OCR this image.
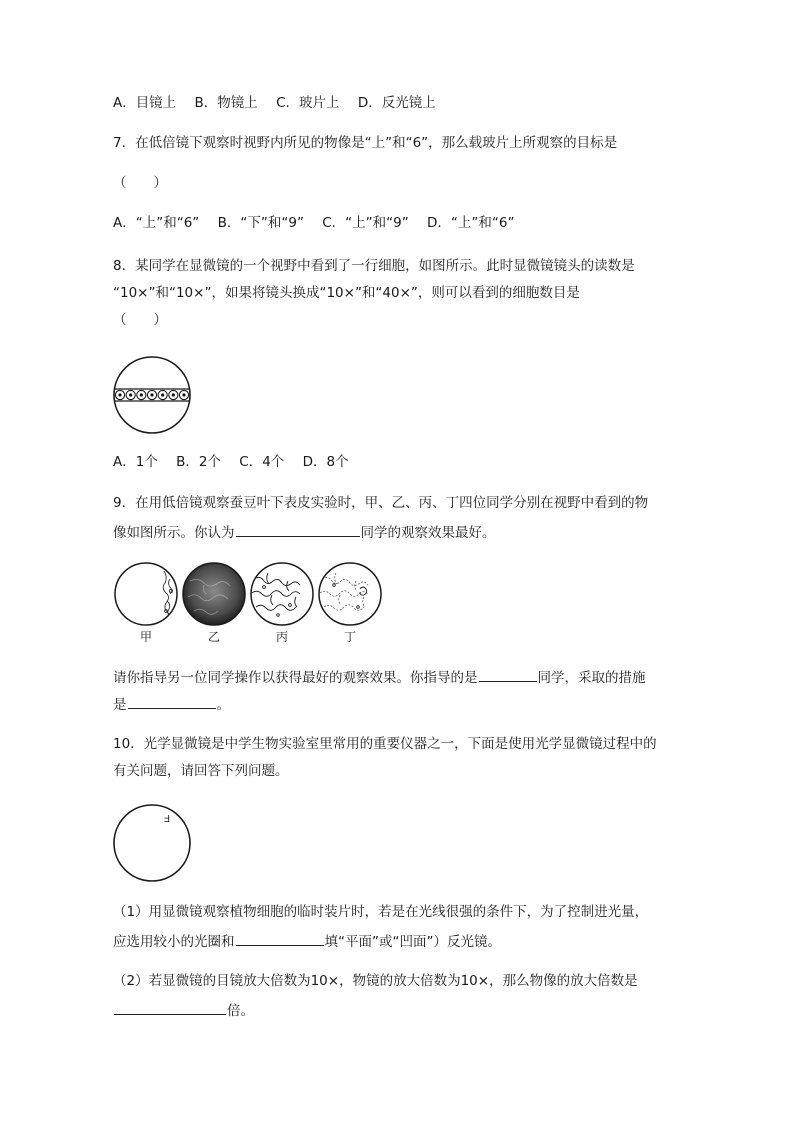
A．目镜上 B．物镜上 C．玻片上 D．反光镜上
7．在低倍镜下观察时视野内所见的物像是“上”和“6”，那么载玻片上所观察的目标是
（　　）
A．“上”和“6” B．“下”和“9” C．“上”和“9” D．“上”和“6”
8．某同学在显微镜的一个视野中看到了一行细胞，如图所示。此时显微镜镜头的读数是
“10×”和“10×”，如果将镜头换成“10×”和“40×”，则可以看到的细胞数目是
（　　）
A．1个 B．2个 C．4个 D．8个
9．在用低倍镜观察蚕豆叶下表皮实验时，甲、乙、丙、丁四位同学分别在视野中看到的物
像如图所示。你认为	同学的观察效果最好。
甲	乙	丙	丁
请你指导另一位同学操作以获得最好的观察效果。你指导的是	同学，采取的措施
是	。
10．光学显微镜是中学生物实验室里常用的重要仪器之一，下面是使用光学显微镜过程中的
有关问题，请回答下列问题。
F
（1）用显微镜观察植物细胞的临时装片时，若是在光线很强的条件下，为了控制进光量，
应选用较小的光圈和	填“平面”或“凹面”）反光镜。
（2）若显微镜的目镜放大倍数为10×，物镜的放大倍数为10×，那么物像的放大倍数是
倍。
